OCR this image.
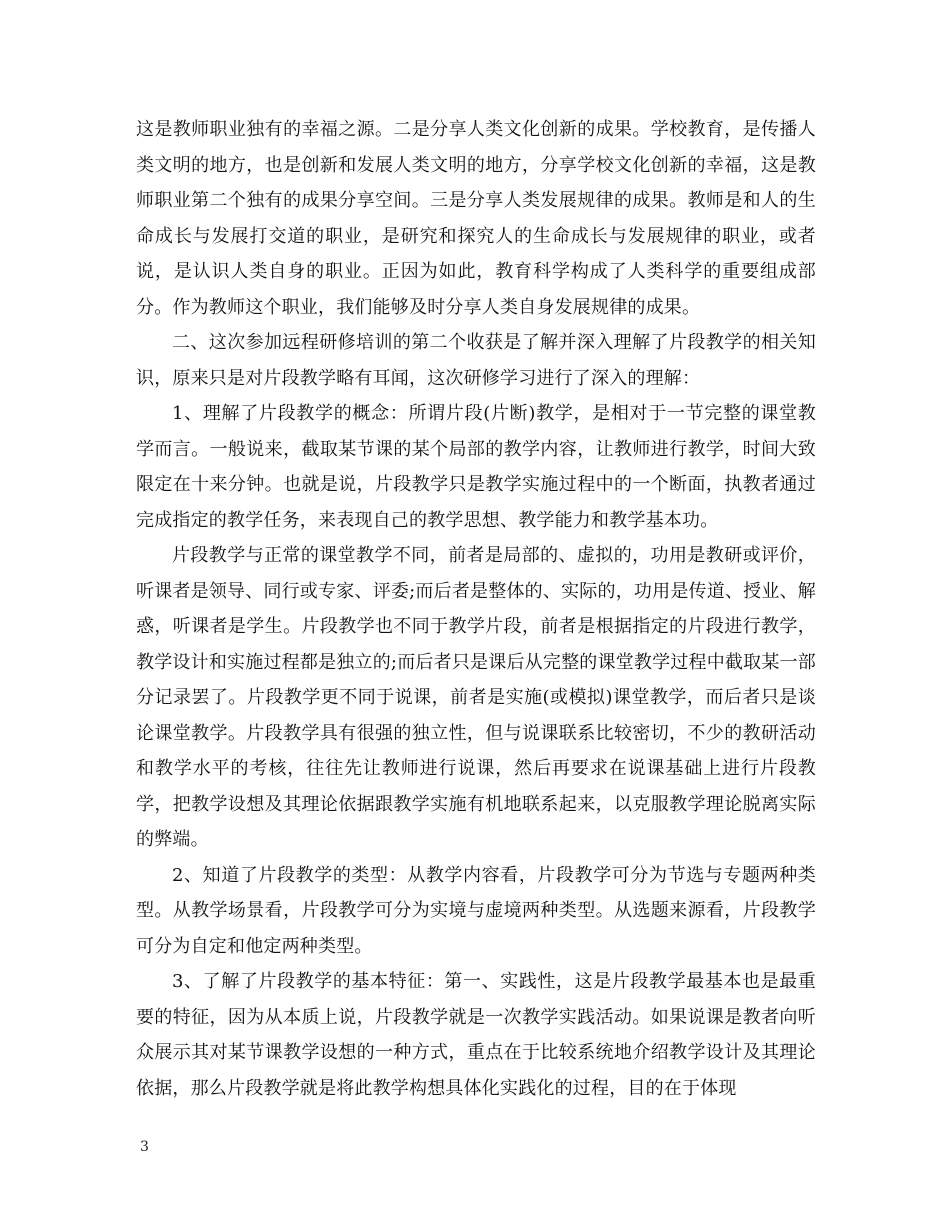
这是教师职业独有的幸福之源。二是分享人类文化创新的成果。学校教育，是传播人类文明的地方，也是创新和发展人类文明的地方，分享学校文化创新的幸福，这是教师职业第二个独有的成果分享空间。三是分享人类发展规律的成果。教师是和人的生命成长与发展打交道的职业，是研究和探究人的生命成长与发展规律的职业，或者说，是认识人类自身的职业。正因为如此，教育科学构成了人类科学的重要组成部分。作为教师这个职业，我们能够及时分享人类自身发展规律的成果。

二、这次参加远程研修培训的第二个收获是了解并深入理解了片段教学的相关知识，原来只是对片段教学略有耳闻，这次研修学习进行了深入的理解：

1、理解了片段教学的概念：所谓片段(片断)教学，是相对于一节完整的课堂教学而言。一般说来，截取某节课的某个局部的教学内容，让教师进行教学，时间大致限定在十来分钟。也就是说，片段教学只是教学实施过程中的一个断面，执教者通过完成指定的教学任务，来表现自己的教学思想、教学能力和教学基本功。

片段教学与正常的课堂教学不同，前者是局部的、虚拟的，功用是教研或评价，听课者是领导、同行或专家、评委;而后者是整体的、实际的，功用是传道、授业、解惑，听课者是学生。片段教学也不同于教学片段，前者是根据指定的片段进行教学，教学设计和实施过程都是独立的;而后者只是课后从完整的课堂教学过程中截取某一部分记录罢了。片段教学更不同于说课，前者是实施(或模拟)课堂教学，而后者只是谈论课堂教学。片段教学具有很强的独立性，但与说课联系比较密切，不少的教研活动和教学水平的考核，往往先让教师进行说课，然后再要求在说课基础上进行片段教学，把教学设想及其理论依据跟教学实施有机地联系起来，以克服教学理论脱离实际的弊端。

2、知道了片段教学的类型：从教学内容看，片段教学可分为节选与专题两种类型。从教学场景看，片段教学可分为实境与虚境两种类型。从选题来源看，片段教学可分为自定和他定两种类型。

3、了解了片段教学的基本特征：第一、实践性，这是片段教学最基本也是最重要的特征，因为从本质上说，片段教学就是一次教学实践活动。如果说课是教者向听众展示其对某节课教学设想的一种方式，重点在于比较系统地介绍教学设计及其理论依据，那么片段教学就是将此教学构想具体化实践化的过程，目的在于体现

3
